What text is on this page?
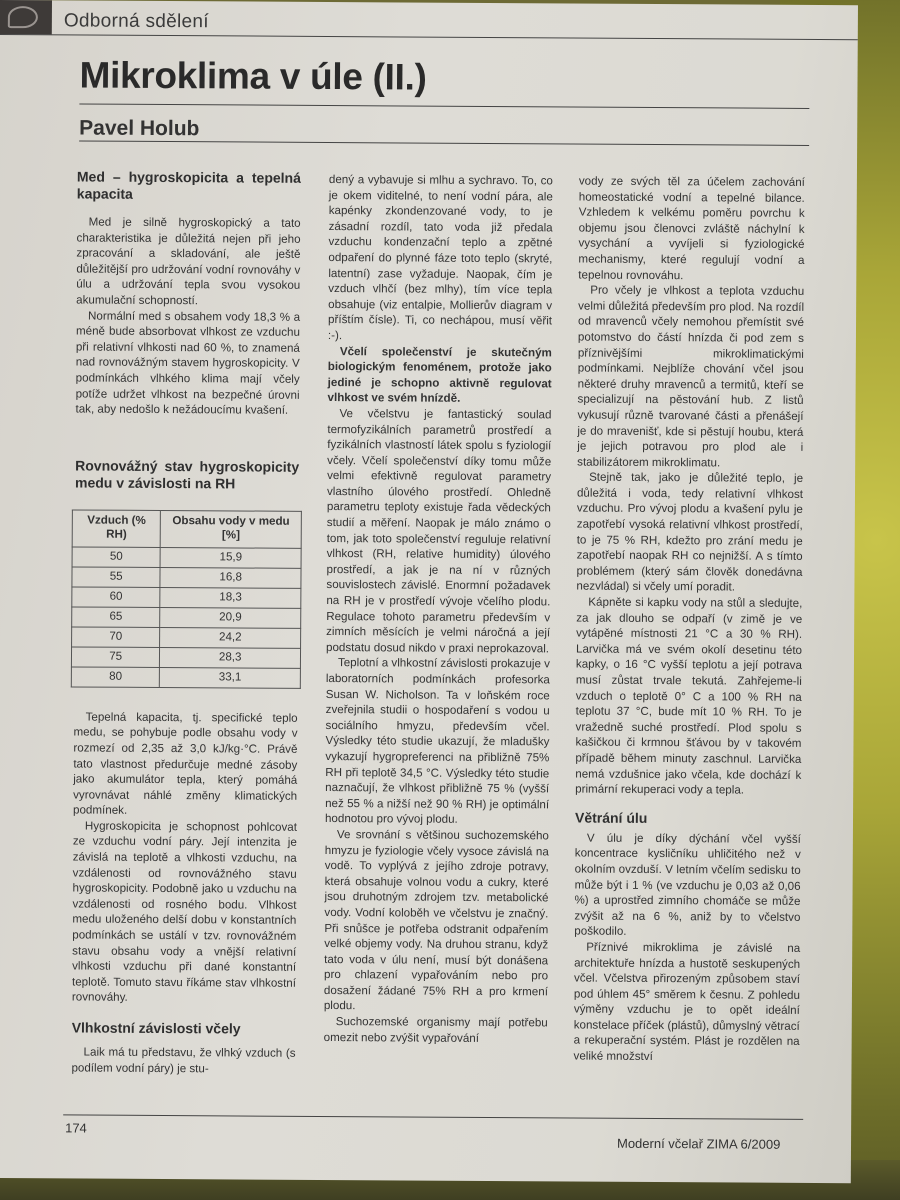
Odborná sdělení
Mikroklima v úle (II.)
Pavel Holub
Med – hygroskopicita a tepelná kapacita

Med je silně hygroskopický a tato charakteristika je důležitá nejen při jeho zpracování a skladování, ale ještě důležitější pro udržování vodní rovnováhy v úlu a udržování tepla svou vysokou akumulační schopností.

Normální med s obsahem vody 18,3 % a méně bude absorbovat vlhkost ze vzduchu při relativní vlhkosti nad 60 %, to znamená nad rovnovážným stavem hygroskopicity. V podmínkách vlhkého klima mají včely potíže udržet vlhkost na bezpečné úrovni tak, aby nedošlo k nežádoucímu kvašení.

Rovnovážný stav hygroskopicity medu v závislosti na RH
Vzduch (% RH)	Obsahu vody v medu [%]
50	15,9
55	16,8
60	18,3
65	20,9
70	24,2
75	28,3
80	33,1

Tepelná kapacita, tj. specifické teplo medu, se pohybuje podle obsahu vody v rozmezí od 2,35 až 3,0 kJ/kg·°C. Právě tato vlastnost předurčuje medné zásoby jako akumulátor tepla, který pomáhá vyrovnávat náhlé změny klimatických podmínek.

Hygroskopicita je schopnost pohlcovat ze vzduchu vodní páry. Její intenzita je závislá na teplotě a vlhkosti vzduchu, na vzdálenosti od rovnovážného stavu hygroskopicity. Podobně jako u vzduchu na vzdálenosti od rosného bodu. Vlhkost medu uloženého delší dobu v konstantních podmínkách se ustálí v tzv. rovnovážném stavu obsahu vody a vnější relativní vlhkosti vzduchu při dané konstantní teplotě. Tomuto stavu říkáme stav vlhkostní rovnováhy.

Vlhkostní závislosti včely

Laik má tu představu, že vlhký vzduch (s podílem vodní páry) je stu-

dený a vybavuje si mlhu a sychravo. To, co je okem viditelné, to není vodní pára, ale kapénky zkondenzované vody, to je zásadní rozdíl, tato voda již předala vzduchu kondenzační teplo a zpětné odpaření do plynné fáze toto teplo (skryté, latentní) zase vyžaduje. Naopak, čím je vzduch vlhčí (bez mlhy), tím více tepla obsahuje (viz entalpie, Mollierův diagram v příštím čísle). Ti, co nechápou, musí věřit :-).

Včelí společenství je skutečným biologickým fenoménem, protože jako jediné je schopno aktivně regulovat vlhkost ve svém hnízdě.

Ve včelstvu je fantastický soulad termofyzikálních parametrů prostředí a fyzikálních vlastností látek spolu s fyziologií včely. Včelí společenství díky tomu může velmi efektivně regulovat parametry vlastního úlového prostředí. Ohledně parametru teploty existuje řada vědeckých studií a měření. Naopak je málo známo o tom, jak toto společenství reguluje relativní vlhkost (RH, relative humidity) úlového prostředí, a jak je na ní v různých souvislostech závislé. Enormní požadavek na RH je v prostředí vývoje včelího plodu. Regulace tohoto parametru především v zimních měsících je velmi náročná a její podstatu dosud nikdo v praxi neprokazoval.

Teplotní a vlhkostní závislosti prokazuje v laboratorních podmínkách profesorka Susan W. Nicholson. Ta v loňském roce zveřejnila studii o hospodaření s vodou u sociálního hmyzu, především včel. Výsledky této studie ukazují, že mladušky vykazují hygropreferenci na přibližně 75% RH při teplotě 34,5 °C. Výsledky této studie naznačují, že vlhkost přibližně 75 % (vyšší než 55 % a nižší než 90 % RH) je optimální hodnotou pro vývoj plodu.

Ve srovnání s většinou suchozemského hmyzu je fyziologie včely vysoce závislá na vodě. To vyplývá z jejího zdroje potravy, která obsahuje volnou vodu a cukry, které jsou druhotným zdrojem tzv. metabolické vody. Vodní koloběh ve včelstvu je značný. Při snůšce je potřeba odstranit odpařením velké objemy vody. Na druhou stranu, když tato voda v úlu není, musí být donášena pro chlazení vypařováním nebo pro dosažení žádané 75% RH a pro krmení plodu.

Suchozemské organismy mají potřebu omezit nebo zvýšit vypařování

vody ze svých těl za účelem zachování homeostatické vodní a tepelné bilance. Vzhledem k velkému poměru povrchu k objemu jsou členovci zvláště náchylní k vysychání a vyvíjeli si fyziologické mechanismy, které regulují vodní a tepelnou rovnováhu.

Pro včely je vlhkost a teplota vzduchu velmi důležitá především pro plod. Na rozdíl od mravenců včely nemohou přemístit své potomstvo do částí hnízda či pod zem s příznivějšími mikroklimatickými podmínkami. Nejblíže chování včel jsou některé druhy mravenců a termitů, kteří se specializují na pěstování hub. Z listů vykusují různě tvarované části a přenášejí je do mravenišť, kde si pěstují houbu, která je jejich potravou pro plod ale i stabilizátorem mikroklimatu.

Stejně tak, jako je důležité teplo, je důležitá i voda, tedy relativní vlhkost vzduchu. Pro vývoj plodu a kvašení pylu je zapotřebí vysoká relativní vlhkost prostředí, to je 75 % RH, kdežto pro zrání medu je zapotřebí naopak RH co nejnižší. A s tímto problémem (který sám člověk donedávna nezvládal) si včely umí poradit.

Kápněte si kapku vody na stůl a sledujte, za jak dlouho se odpaří (v zimě je ve vytápěné místnosti 21 °C a 30 % RH). Larvička má ve svém okolí desetinu této kapky, o 16 °C vyšší teplotu a její potrava musí zůstat trvale tekutá. Zahřejeme-li vzduch o teplotě 0° C a 100 % RH na teplotu 37 °C, bude mít 10 % RH. To je vražedně suché prostředí. Plod spolu s kašičkou či krmnou šťávou by v takovém případě během minuty zaschnul. Larvička nemá vzdušnice jako včela, kde dochází k primární rekuperaci vody a tepla.

Větrání úlu

V úlu je díky dýchání včel vyšší koncentrace kysličníku uhličitého než v okolním ovzduší. V letním včelím sedisku to může být i 1 % (ve vzduchu je 0,03 až 0,06 %) a uprostřed zimního chomáče se může zvýšit až na 6 %, aniž by to včelstvo poškodilo.

Příznivé mikroklima je závislé na architektuře hnízda a hustotě seskupených včel. Včelstva přirozeným způsobem staví pod úhlem 45° směrem k česnu. Z pohledu výměny vzduchu je to opět ideální konstelace příček (plástů), důmyslný větrací a rekuperační systém. Plást je rozdělen na veliké množství

174
Moderní včelař ZIMA 6/2009
